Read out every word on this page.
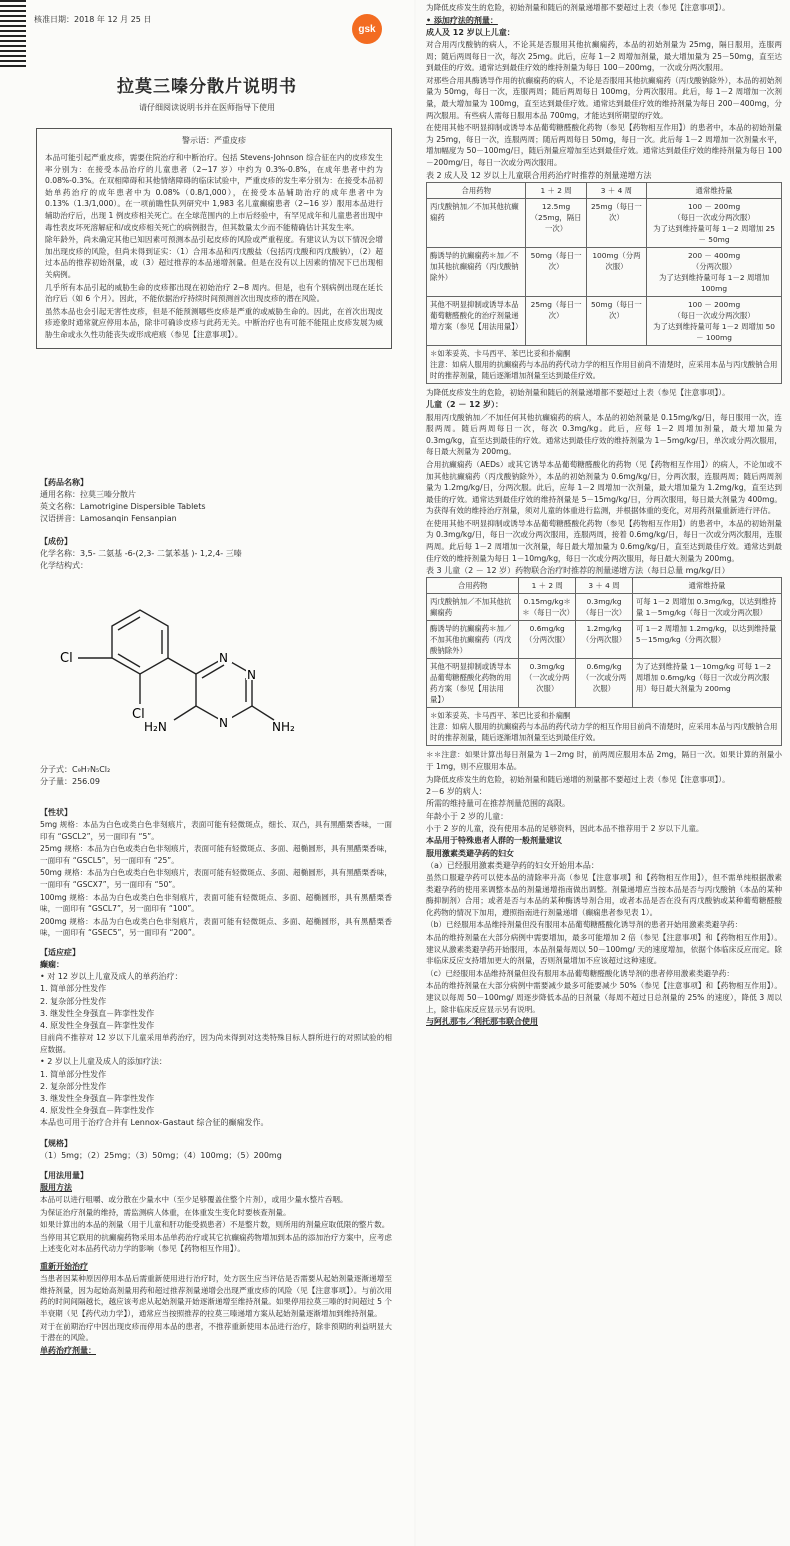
核准日期：2018 年 12 月 25 日
gsk
拉莫三嗪分散片说明书
请仔细阅读说明书并在医师指导下使用
警示语：严重皮疹

本品可能引起严重皮疹，需要住院治疗和中断治疗。包括 Stevens-Johnson 综合征在内的皮疹发生率分别为：在接受本品治疗的儿童患者（2~17 岁）中约为 0.3%-0.8%，在成年患者中约为 0.08%-0.3%。在双相障碍和其他情绪障碍的临床试验中，严重皮疹的发生率分别为：在接受本品初始单药治疗的成年患者中为 0.08%（0.8/1,000），在接受本品辅助治疗的成年患者中为 0.13%（1.3/1,000）。在一项前瞻性队列研究中 1,983 名儿童癫痫患者（2~16 岁）服用本品进行辅助治疗后，出现 1 例皮疹相关死亡。在全球范围内的上市后经验中，有罕见成年和儿童患者出现中毒性表皮坏死溶解症和/或皮疹相关死亡的病例报告，但其数量太少而不能精确估计其发生率。

除年龄外，尚未确定其他已知因素可预测本品引起皮疹的风险或严重程度。有建议认为以下情况会增加出现皮疹的风险，但尚未得到证实：（1）合用本品和丙戊酸盐（包括丙戊酸和丙戊酸钠），（2）超过本品的推荐初始剂量，或（3）超过推荐的本品递增剂量。但是在没有以上因素的情况下已出现相关病例。

几乎所有本品引起的威胁生命的皮疹都出现在初始治疗 2~8 周内。但是，也有个别病例出现在延长治疗后（如 6 个月）。因此，不能依据治疗持续时间预测首次出现皮疹的潜在风险。

虽然本品也会引起无害性皮疹，但是不能预测哪些皮疹是严重的或威胁生命的。因此，在首次出现皮疹迹象时通常就应停用本品，除非可确诊皮疹与此药无关。中断治疗也有可能不能阻止皮疹发展为威胁生命或永久性功能丧失或形成疤痕（参见【注意事项】）。

【药品名称】

通用名称：拉莫三嗪分散片

英文名称：Lamotrigine Dispersible Tablets

汉语拼音：Lamosanqin Fensanpian

【成份】

化学名称：3,5- 二氨基 -6-(2,3- 二氯苯基 )- 1,2,4- 三嗪

化学结构式：

Cl
Cl
N
N
N
H₂N	NH₂

分子式：C₉H₇N₅Cl₂

分子量：256.09

【性状】

5mg 规格：本品为白色或类白色非刻痕片，表面可能有轻微斑点，细长、双凸，具有黑醋栗香味，一面印有 “GSCL2”，另一面印有 “5”。

25mg 规格：本品为白色或类白色非刻痕片，表面可能有轻微斑点、多面、超椭圆形，具有黑醋栗香味，一面印有 “GSCL5”，另一面印有 “25”。

50mg 规格：本品为白色或类白色非刻痕片，表面可能有轻微斑点、多面、超椭圆形，具有黑醋栗香味，一面印有 “GSCX7”，另一面印有 “50”。

100mg 规格：本品为白色或类白色非刻痕片，表面可能有轻微斑点、多面、超椭圆形，具有黑醋栗香味，一面印有 “GSCL7”，另一面印有 “100”。

200mg 规格：本品为白色或类白色非刻痕片，表面可能有轻微斑点、多面、超椭圆形，具有黑醋栗香味，一面印有 “GSEC5”，另一面印有 “200”。

【适应症】

癫痫：

• 对 12 岁以上儿童及成人的单药治疗：

1. 简单部分性发作

2. 复杂部分性发作

3. 继发性全身强直－阵挛性发作

4. 原发性全身强直－阵挛性发作

目前尚不推荐对 12 岁以下儿童采用单药治疗，因为尚未得到对这类特殊目标人群所进行的对照试验的相应数据。

• 2 岁以上儿童及成人的添加疗法：

1. 简单部分性发作

2. 复杂部分性发作

3. 继发性全身强直－阵挛性发作

4. 原发性全身强直－阵挛性发作

本品也可用于治疗合并有 Lennox-Gastaut 综合征的癫痫发作。

【规格】

（1）5mg；（2）25mg；（3）50mg；（4）100mg；（5）200mg

【用法用量】

服用方法

本品可以进行咀嚼、或分散在少量水中（至少足够覆盖住整个片剂），或用少量水整片吞咽。

为保证治疗剂量的维持，需监测病人体重，在体重发生变化时要核查剂量。

如果计算出的本品的剂量（用于儿童和肝功能受损患者）不是整片数，则所用的剂量应取低限的整片数。

当停用其它联用的抗癫痫药物采用本品单药治疗或其它抗癫痫药物增加到本品的添加治疗方案中，应考虑上述变化对本品药代动力学的影响（参见【药物相互作用】）。

重新开始治疗

当患者因某种原因停用本品后需重新使用进行治疗时，处方医生应当评估是否需要从起始剂量逐渐递增至维持剂量，因为起始高剂量用药和超过推荐剂量递增会出现严重皮疹的风险（见【注意事项】）。与前次用药的时间间隔越长，越应该考虑从起始剂量开始逐渐递增至维持剂量。如果停用拉莫三嗪的时间超过 5 个半衰期（见【药代动力学】），通常应当按照推荐的拉莫三嗪递增方案从起始剂量逐渐增加到维持剂量。

对于在前期治疗中因出现皮疹而停用本品的患者，不推荐重新使用本品进行治疗，除非预期的利益明显大于潜在的风险。

单药治疗剂量：

为降低皮疹发生的危险，初始剂量和随后的剂量递增都不要超过上表（参见【注意事项】）。

• 添加疗法的剂量：

成人及 12 岁以上儿童：

对合用丙戊酸钠的病人，不论其是否服用其他抗癫痫药，本品的初始剂量为 25mg，隔日服用，连服两周；随后两周每日一次，每次 25mg。此后，应每 1－2 周增加剂量，最大增加量为 25－50mg，直至达到最佳的疗效。通常达到最佳疗效的维持剂量为每日 100－200mg，一次或分两次服用。

对那些合用具酶诱导作用的抗癫痫药的病人，不论是否服用其他抗癫痫药（丙戊酸钠除外），本品的初始剂量为 50mg，每日一次，连服两周；随后两周每日 100mg，分两次服用。此后，每 1－2 周增加一次剂量，最大增加量为 100mg，直至达到最佳疗效。通常达到最佳疗效的维持剂量为每日 200－400mg，分两次服用。有些病人需每日服用本品 700mg，才能达到所期望的疗效。

在使用其他不明显抑制或诱导本品葡萄糖醛酸化药物（参见【药物相互作用】）的患者中，本品的初始剂量为 25mg，每日一次，连服两周；随后两周每日 50mg，每日一次。此后每 1－2 周增加一次剂量水平，增加幅度为 50－100mg/日，随后剂量应增加至达到最佳疗效。通常达到最佳疗效的维持剂量为每日 100－200mg/日，每日一次或分两次服用。

表 2 成人及 12 岁以上儿童联合用药治疗时推荐的剂量递增方法

合用药物	1 ＋ 2 周	3 ＋ 4 周	通常维持量
丙戊酸钠加／不加其他抗癫痫药	12.5mg（25mg，隔日一次）	25mg（每日一次）	100 － 200mg
（每日一次或分两次服）
为了达到维持量可每 1－2 周增加 25 － 50mg

酶诱导的抗癫痫药＊加／不加其他抗癫痫药（丙戊酸钠除外）	50mg（每日一次）	100mg（分两次服）	200 － 400mg
（分两次服）
为了达到维持量可每 1－2 周增加 100mg

其他不明显抑制或诱导本品葡萄糖醛酸化的治疗剂量递增方案（参见【用法用量】）	25mg（每日一次）	50mg（每日一次）	100 － 200mg
（每日一次或分两次服）
为了达到维持量可每 1－2 周增加 50 － 100mg

＊如苯妥英、卡马西平、苯巴比妥和扑痫酮
注意：如病人服用的抗癫痫药与本品的药代动力学的相互作用目前尚不清楚时，应采用本品与丙戊酸钠合用时的推荐剂量，随后逐渐增加剂量至达到最佳疗效。			

为降低皮疹发生的危险，初始剂量和随后的剂量递增都不要超过上表（参见【注意事项】）。

儿童（2 － 12 岁）：

服用丙戊酸钠加／不加任何其他抗癫痫药的病人，本品的初始剂量是 0.15mg/kg/日，每日服用一次，连服两周。随后两周每日一次，每次 0.3mg/kg。此后，应每 1－2 周增加剂量，最大增加量为 0.3mg/kg，直至达到最佳的疗效。通常达到最佳疗效的维持剂量为 1－5mg/kg/日，单次或分两次服用，每日最大剂量为 200mg。

合用抗癫痫药（AEDs）或其它诱导本品葡萄糖醛酸化的药物（见【药物相互作用】）的病人，不论加或不加其他抗癫痫药（丙戊酸钠除外），本品的初始剂量为 0.6mg/kg/日，分两次服，连服两周；随后两周剂量为 1.2mg/kg/日，分两次服。此后，应每 1－2 周增加一次剂量，最大增加量为 1.2mg/kg，直至达到最佳的疗效。通常达到最佳疗效的维持剂量是 5－15mg/kg/日，分两次服用，每日最大剂量为 400mg。为获得有效的维持治疗剂量，须对儿童的体重进行监测，并根据体重的变化，对用药剂量重新进行评估。

在使用其他不明显抑制或诱导本品葡萄糖醛酸化药物（参见【药物相互作用】）的患者中，本品的初始剂量为 0.3mg/kg/日，每日一次或分两次服用，连服两周，接着 0.6mg/kg/日，每日一次或分两次服用，连服两周。此后每 1－2 周增加一次剂量，每日最大增加量为 0.6mg/kg/日，直至达到最佳疗效。通常达到最佳疗效的维持剂量为每日 1－10mg/kg，每日一次或分两次服用，每日最大剂量为 200mg。

表 3 儿童（2 － 12 岁）药物联合治疗时推荐的剂量递增方法（每日总量 mg/kg/日）

合用药物	1 ＋ 2 周	3 ＋ 4 周	通常维持量
丙戊酸钠加／不加其他抗癫痫药	0.15mg/kg＊＊（每日一次）	0.3mg/kg（每日一次）	可每 1－2 周增加 0.3mg/kg，以达到维持量 1－5mg/kg（每日一次或分两次服）
酶诱导的抗癫痫药＊加／不加其他抗癫痫药（丙戊酸钠除外）	0.6mg/kg（分两次服）	1.2mg/kg（分两次服）	可 1－2 周增加 1.2mg/kg，以达到维持量 5－15mg/kg（分两次服）
其他不明显抑制或诱导本品葡萄糖醛酸化药物的用药方案（参见【用法用量】）	0.3mg/kg（一次或分两次服）	0.6mg/kg（一次或分两次服）	为了达到维持量 1－10mg/kg 可每 1－2 周增加 0.6mg/kg（每日一次或分两次服用）每日最大剂量为 200mg

＊如苯妥英、卡马西平、苯巴比妥和扑痫酮
注意：如病人服用的抗癫痫药与本品的药代动力学的相互作用目前尚不清楚时，应采用本品与丙戊酸钠合用时的推荐剂量，随后逐渐增加剂量至达到最佳疗效。			

＊＊注意：如果计算出每日剂量为 1－2mg 时，前两周应服用本品 2mg，隔日一次。如果计算的剂量小于 1mg，则不应服用本品。

为降低皮疹发生的危险，初始剂量和随后递增的剂量都不要超过上表（参见【注意事项】）。

2－6 岁的病人：

所需的维持量可在推荐剂量范围的高限。

年龄小于 2 岁的儿童：

小于 2 岁的儿童，没有使用本品的足够资料，因此本品不推荐用于 2 岁以下儿童。

本品用于特殊患者人群的一般剂量建议

服用激素类避孕药的妇女

（a）已经服用激素类避孕药的妇女开始用本品：

虽然口服避孕药可以使本品的清除率升高（参见【注意事项】和【药物相互作用】），但不需单纯根据激素类避孕药的使用来调整本品的剂量递增指南做出调整。剂量递增应当按本品是否与丙戊酸钠（本品的某种酶抑制剂）合用；或者是否与本品的某种酶诱导剂合用，或者本品是否在没有丙戊酸钠或某种葡萄糖醛酸化药物的情况下加用，遵照指南进行剂量递增（癫痫患者参见表 1）。

（b）已经服用本品维持剂量但没有服用本品葡萄糖醛酸化诱导剂的患者开始用激素类避孕药：

本品的维持剂量在大部分病例中需要增加，最多可能增加 2 倍（参见【注意事项】和【药物相互作用】）。建议从激素类避孕药开始服用，本品剂量每周以 50－100mg/ 天的速度增加，依据个体临床反应而定。除非临床反应支持增加更大的剂量，否则剂量增加不应该超过这种速度。

（c）已经服用本品维持剂量但没有服用本品葡萄糖醛酸化诱导剂的患者停用激素类避孕药：

本品的维持剂量在大部分病例中需要减少最多可能要减少 50%（参见【注意事项】和【药物相互作用】）。建议以每周 50－100mg/ 周逐步降低本品的日剂量（每周不超过日总剂量的 25% 的速度），降低 3 周以上，除非临床反应显示另有说明。

与阿扎那韦／利托那韦联合使用
